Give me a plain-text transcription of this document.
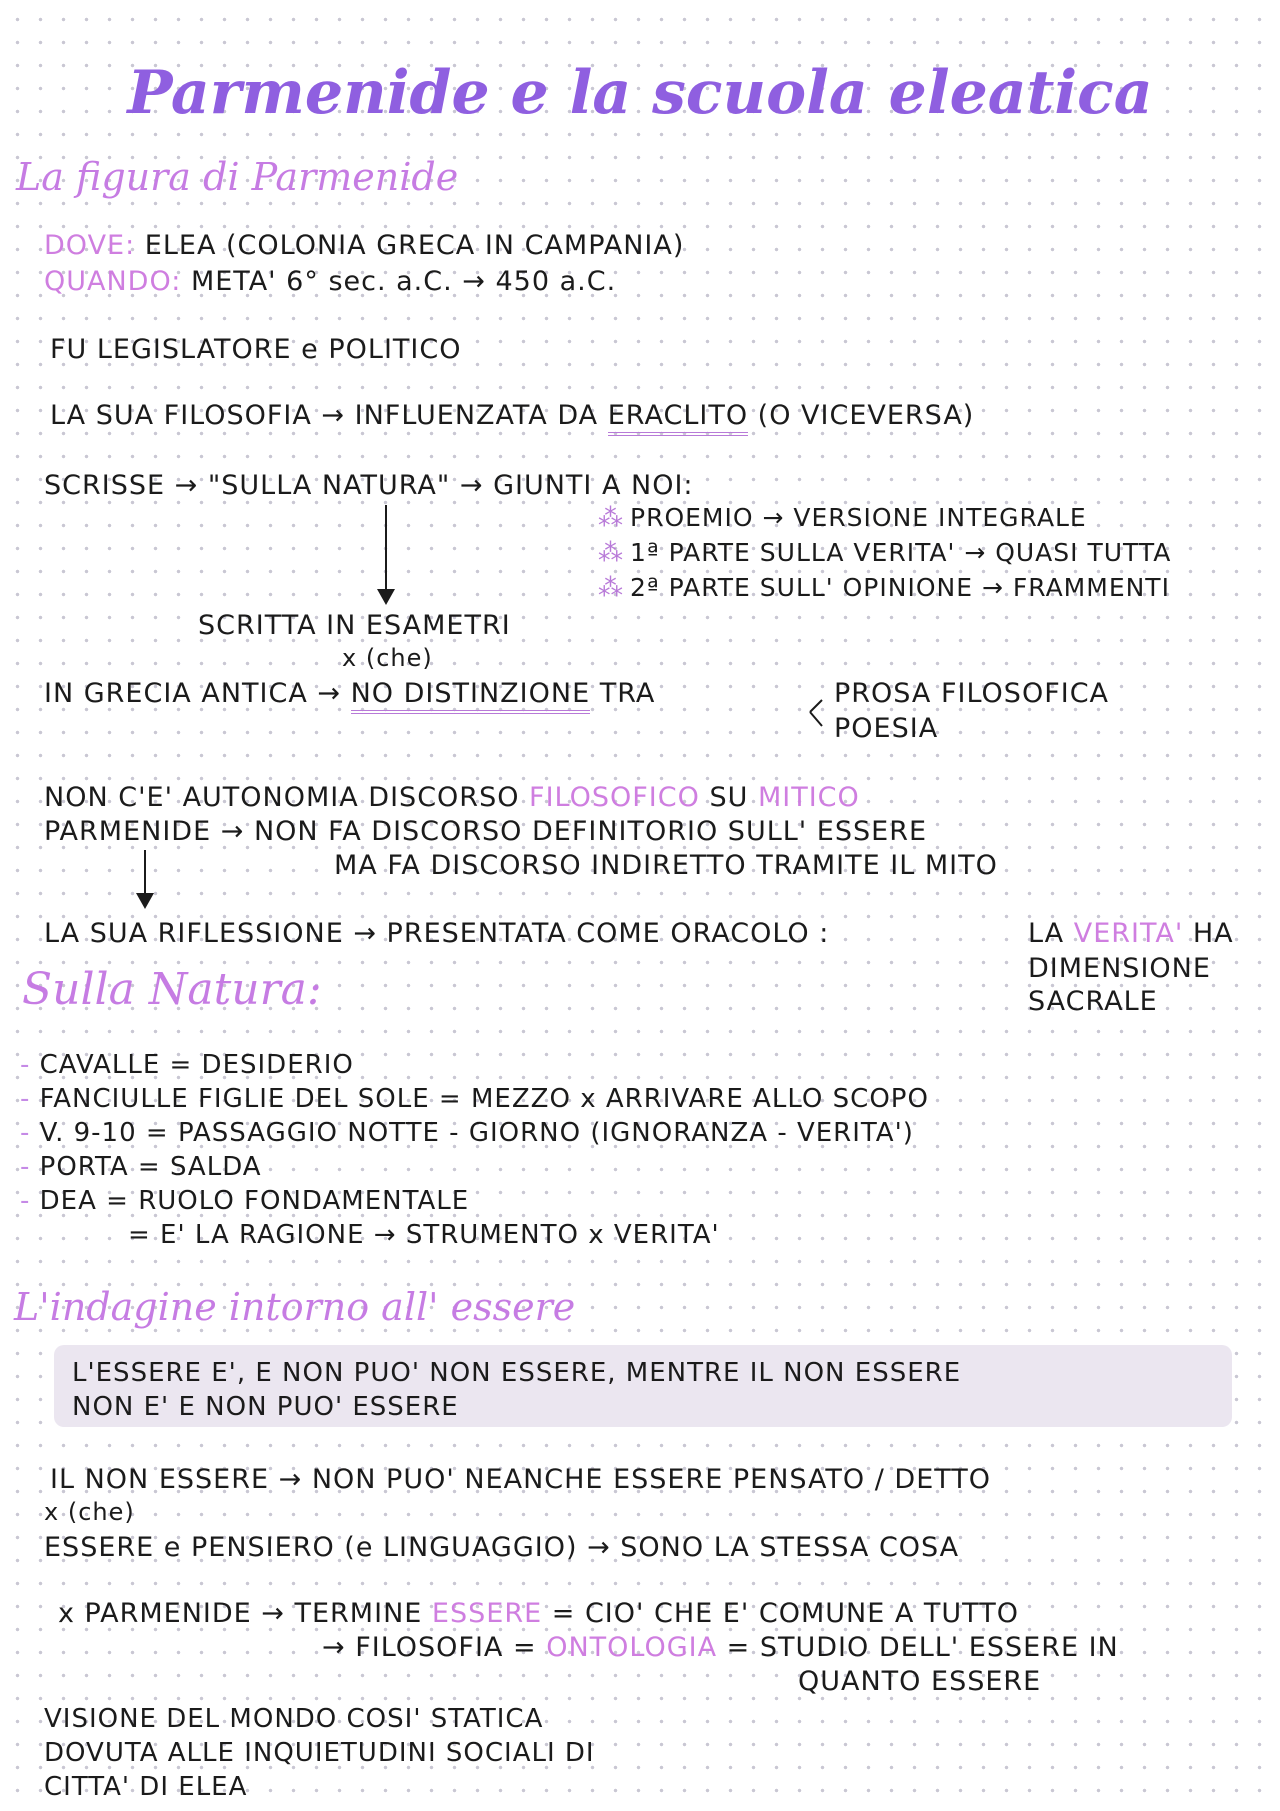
Parmenide e la scuola eleatica
La figura di Parmenide
DOVE: ELEA (COLONIA GRECA IN CAMPANIA)
QUANDO: META' 6° sec. a.C. → 450 a.C.
FU LEGISLATORE e POLITICO
LA SUA FILOSOFIA → INFLUENZATA DA ERACLITO (O VICEVERSA)
SCRISSE → "SULLA NATURA" → GIUNTI A NOI:
⁂ PROEMIO → VERSIONE INTEGRALE
⁂ 1ª PARTE SULLA VERITA' → QUASI TUTTA
⁂ 2ª PARTE SULL' OPINIONE → FRAMMENTI
SCRITTA IN ESAMETRI
x (che)
IN GRECIA ANTICA → NO DISTINZIONE TRA	PROSA FILOSOFICA
POESIA
NON C'E' AUTONOMIA DISCORSO FILOSOFICO SU MITICO
PARMENIDE → NON FA DISCORSO DEFINITORIO SULL' ESSERE
MA FA DISCORSO INDIRETTO TRAMITE IL MITO
LA SUA RIFLESSIONE → PRESENTATA COME ORACOLO :	LA VERITA' HA
DIMENSIONE
SACRALE
Sulla Natura:
- CAVALLE = DESIDERIO
- FANCIULLE FIGLIE DEL SOLE = MEZZO x ARRIVARE ALLO SCOPO
- V. 9-10 = PASSAGGIO NOTTE - GIORNO (IGNORANZA - VERITA')
- PORTA = SALDA
- DEA = RUOLO FONDAMENTALE
= E' LA RAGIONE → STRUMENTO x VERITA'
L'indagine intorno all' essere
L'ESSERE E', E NON PUO' NON ESSERE, MENTRE IL NON ESSERE
NON E' E NON PUO' ESSERE
IL NON ESSERE → NON PUO' NEANCHE ESSERE PENSATO / DETTO
x (che)
ESSERE e PENSIERO (e LINGUAGGIO) → SONO LA STESSA COSA
x PARMENIDE → TERMINE ESSERE = CIO' CHE E' COMUNE A TUTTO
→ FILOSOFIA = ONTOLOGIA = STUDIO DELL' ESSERE IN
QUANTO ESSERE
VISIONE DEL MONDO COSI' STATICA
DOVUTA ALLE INQUIETUDINI SOCIALI DI
CITTA' DI ELEA
